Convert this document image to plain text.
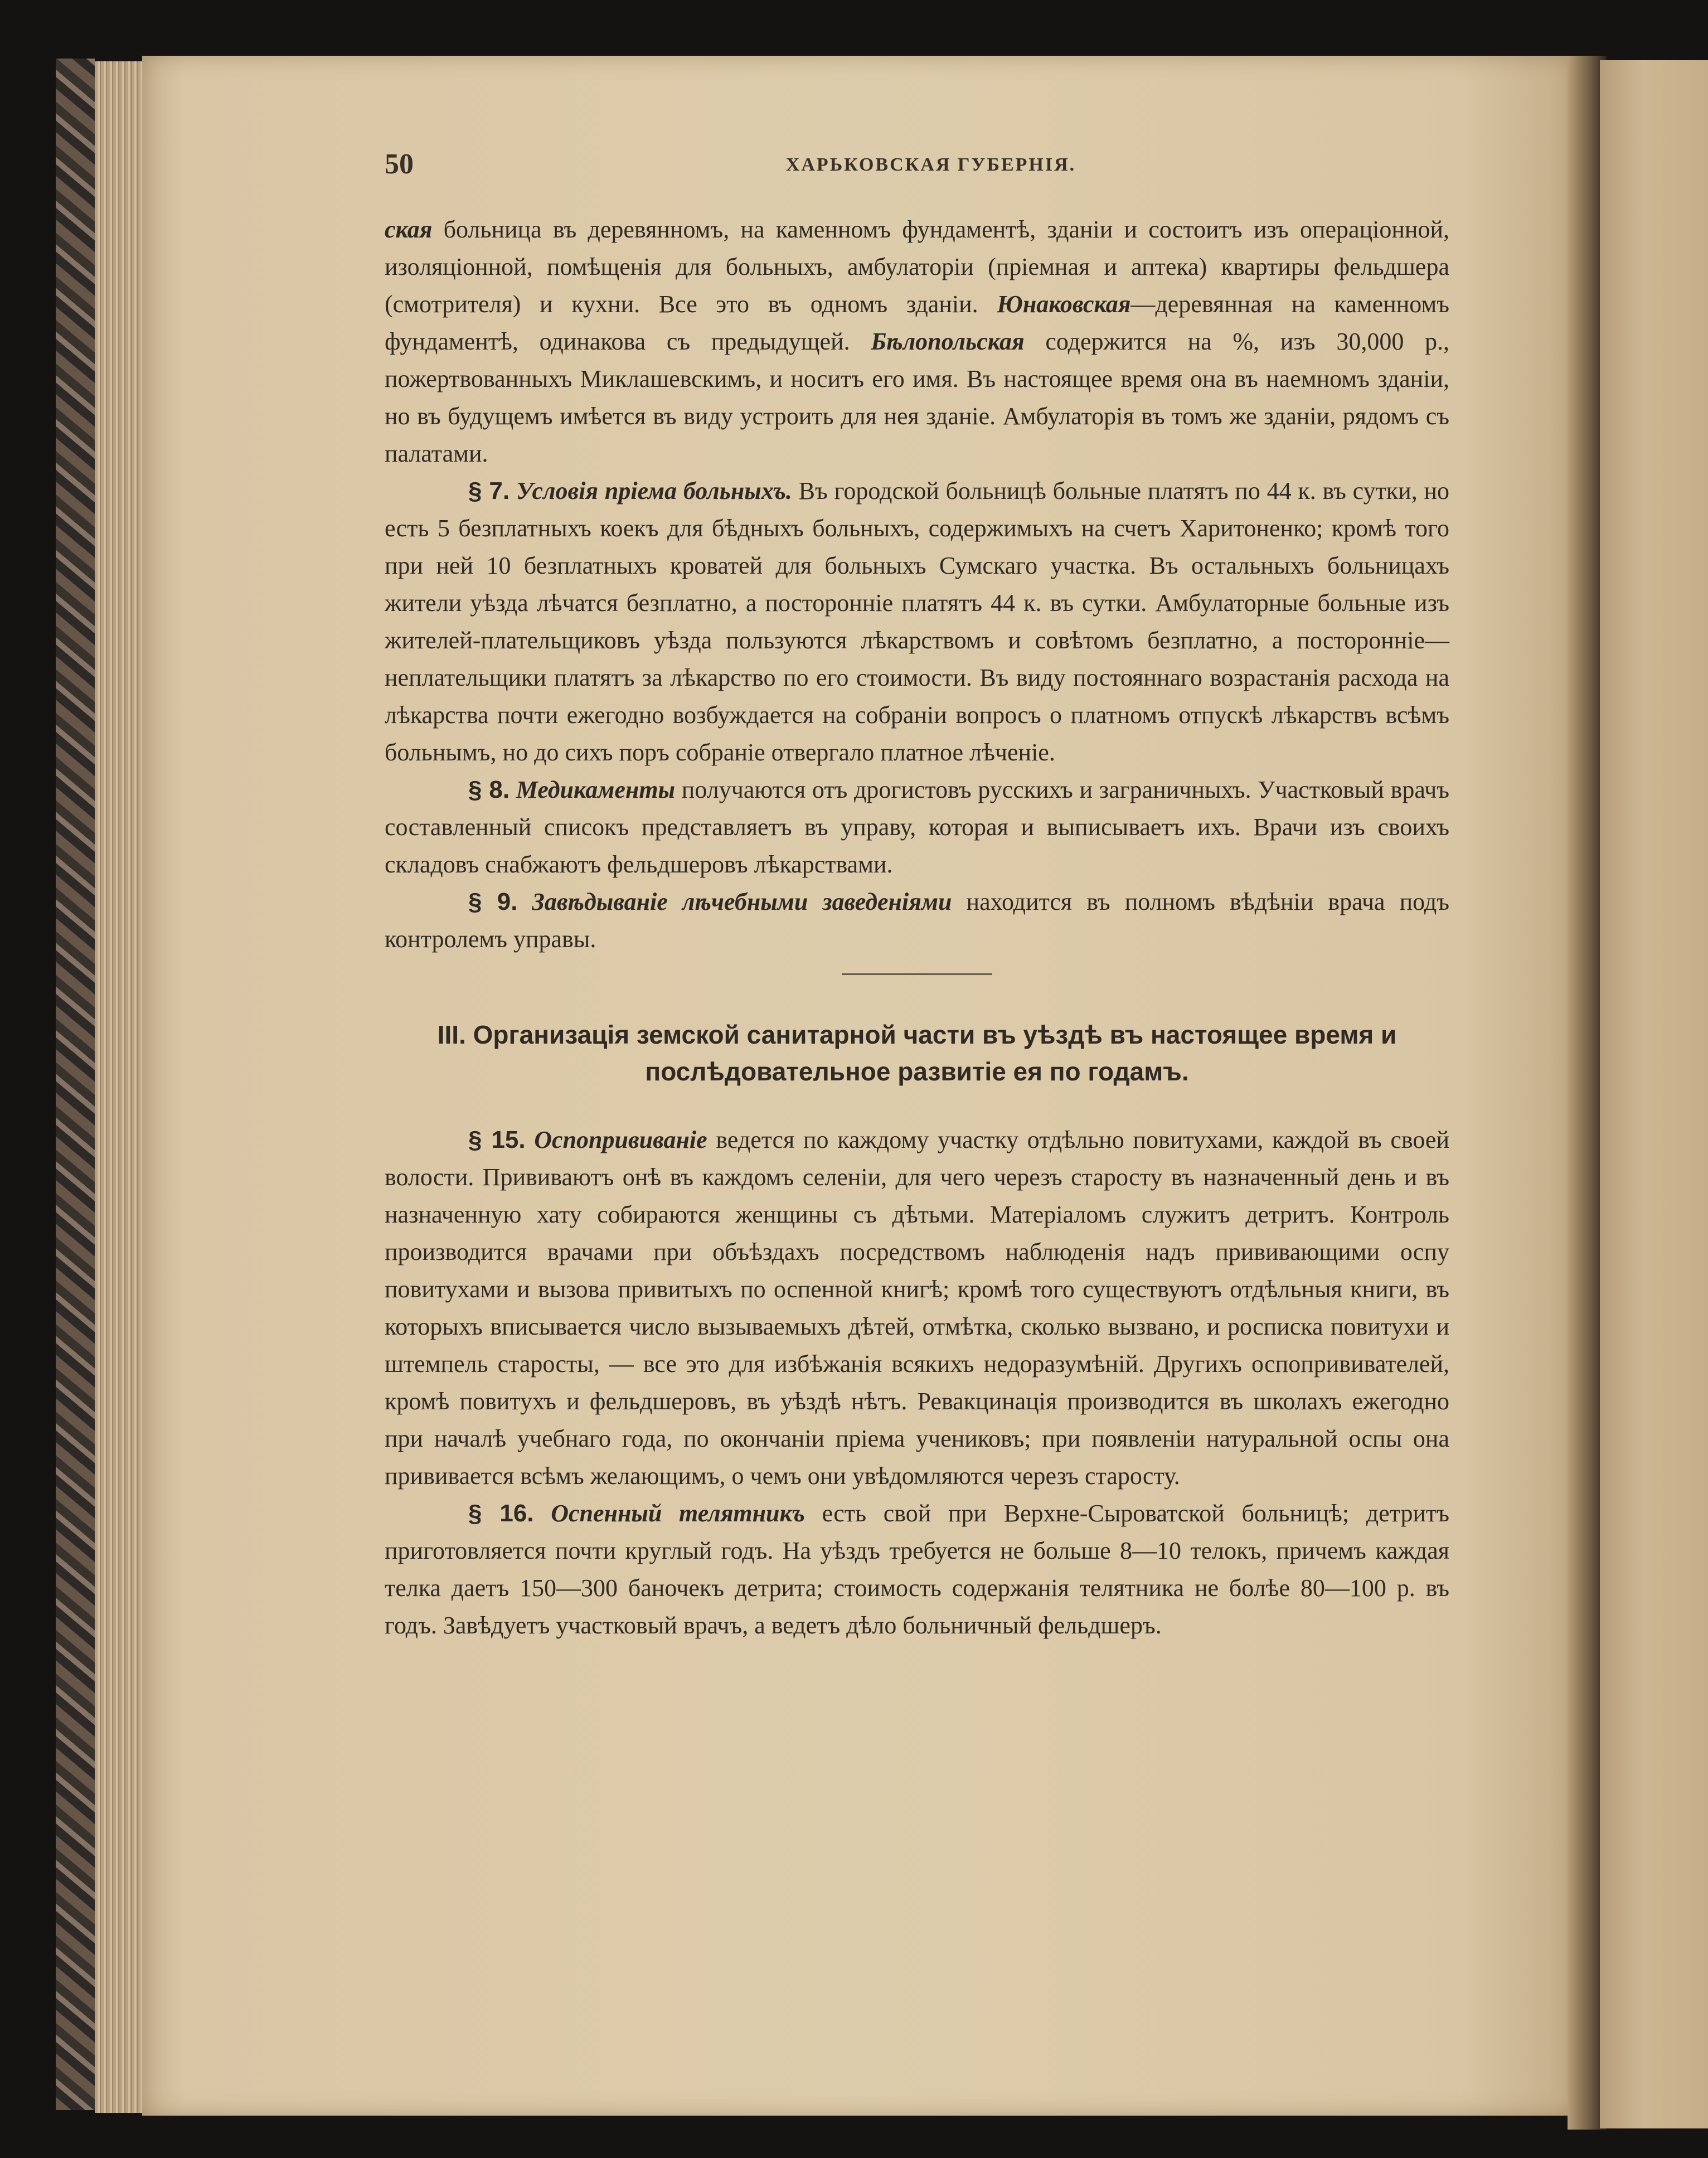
50	ХАРЬКОВСКАЯ ГУБЕРНІЯ.

ская больница въ деревянномъ, на каменномъ фундаментѣ, зданіи и состоитъ изъ операціонной, изоляціонной, помѣщенія для больныхъ, амбулаторіи (пріемная и аптека) квартиры фельдшера (смотрителя) и кухни. Все это въ одномъ зданіи. Юнаковская—деревянная на каменномъ фундаментѣ, одинакова съ предыдущей. Бѣлопольская содержится на %, изъ 30,000 р., пожертвованныхъ Миклашевскимъ, и носитъ его имя. Въ настоящее время она въ наемномъ зданіи, но въ будущемъ имѣется въ виду устроить для нея зданіе. Амбулаторія въ томъ же зданіи, рядомъ съ палатами.

§ 7. Условія пріема больныхъ. Въ городской больницѣ больные платятъ по 44 к. въ сутки, но есть 5 безплатныхъ коекъ для бѣдныхъ больныхъ, содержимыхъ на счетъ Харитоненко; кромѣ того при ней 10 безплатныхъ кроватей для больныхъ Сумскаго участка. Въ остальныхъ больницахъ жители уѣзда лѣчатся безплатно, а посторонніе платятъ 44 к. въ сутки. Амбулаторные больные изъ жителей-плательщиковъ уѣзда пользуются лѣкарствомъ и совѣтомъ безплатно, а посторонніе—неплательщики платятъ за лѣкарство по его стоимости. Въ виду постояннаго возрастанія расхода на лѣкарства почти ежегодно возбуждается на собраніи вопросъ о платномъ отпускѣ лѣкарствъ всѣмъ больнымъ, но до сихъ поръ собраніе отвергало платное лѣченіе.

§ 8. Медикаменты получаются отъ дрогистовъ русскихъ и заграничныхъ. Участковый врачъ составленный списокъ представляетъ въ управу, которая и выписываетъ ихъ. Врачи изъ своихъ складовъ снабжаютъ фельдшеровъ лѣкарствами.

§ 9. Завѣдываніе лѣчебными заведеніями находится въ полномъ вѣдѣніи врача подъ контролемъ управы.

III. Организація земской санитарной части въ уѣздѣ въ настоящее время и
послѣдовательное развитіе ея по годамъ.

§ 15. Оспопрививаніе ведется по каждому участку отдѣльно повитухами, каждой въ своей волости. Прививаютъ онѣ въ каждомъ селеніи, для чего черезъ старосту въ назначенный день и въ назначенную хату собираются женщины съ дѣтьми. Матеріаломъ служитъ детритъ. Контроль производится врачами при объѣздахъ посредствомъ наблюденія надъ прививающими оспу повитухами и вызова привитыхъ по оспенной книгѣ; кромѣ того существуютъ отдѣльныя книги, въ которыхъ вписывается число вызываемыхъ дѣтей, отмѣтка, сколько вызвано, и роспиcка повитухи и штемпель старосты, — все это для избѣжанія всякихъ недоразумѣній. Другихъ оспопрививателей, кромѣ повитухъ и фельдшеровъ, въ уѣздѣ нѣтъ. Ревакцинація производится въ школахъ ежегодно при началѣ учебнаго года, по окончаніи пріема учениковъ; при появленіи натуральной оспы она прививается всѣмъ желающимъ, о чемъ они увѣдомляются черезъ старосту.

§ 16. Оспенный телятникъ есть свой при Верхне-Сыроватской больницѣ; детритъ приготовляется почти круглый годъ. На уѣздъ требуется не больше 8—10 телокъ, причемъ каждая телка даетъ 150—300 баночекъ детрита; стоимость содержанія телятника не болѣе 80—100 р. въ годъ. Завѣдуетъ участковый врачъ, а ведетъ дѣло больничный фельдшеръ.
